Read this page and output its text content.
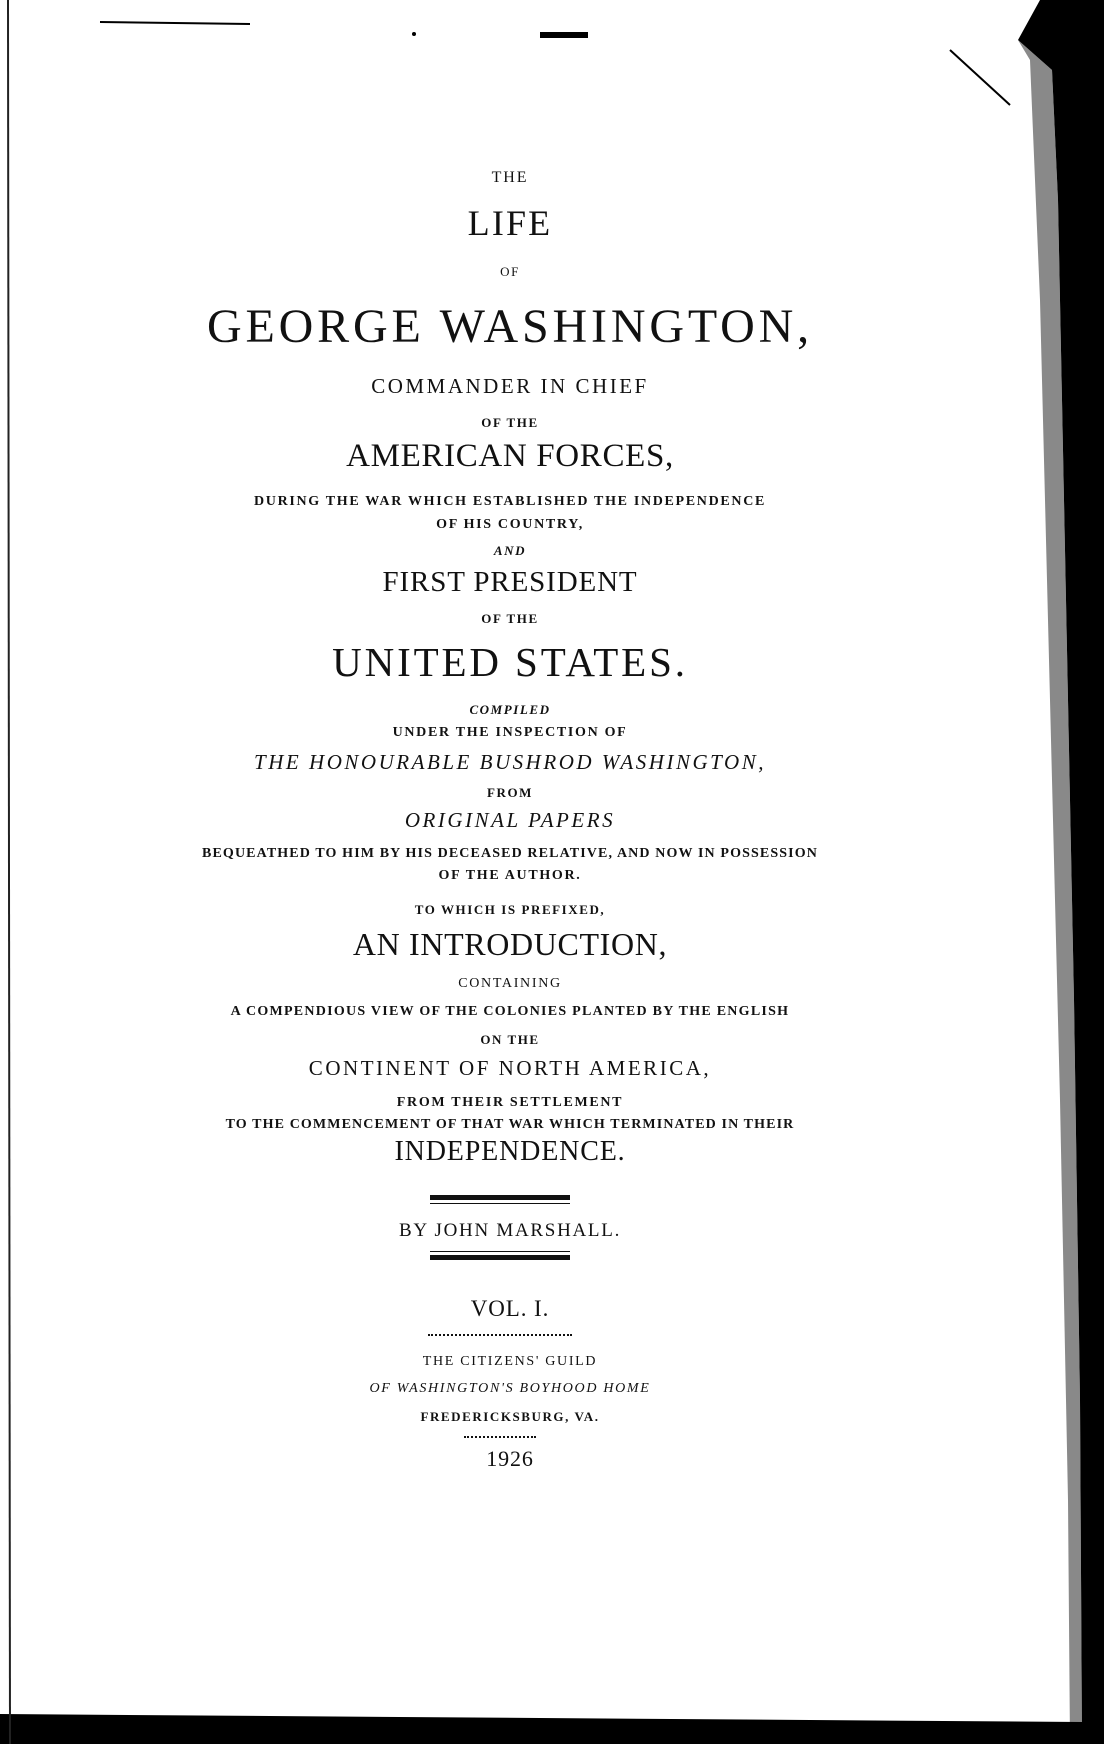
THE
LIFE
OF
GEORGE WASHINGTON,
COMMANDER IN CHIEF
OF THE
AMERICAN FORCES,
DURING THE WAR WHICH ESTABLISHED THE INDEPENDENCE
OF HIS COUNTRY,
AND
FIRST PRESIDENT
OF THE
UNITED STATES.
COMPILED
UNDER THE INSPECTION OF
THE HONOURABLE BUSHROD WASHINGTON,
FROM
ORIGINAL PAPERS
BEQUEATHED TO HIM BY HIS DECEASED RELATIVE, AND NOW IN POSSESSION
OF THE AUTHOR.
TO WHICH IS PREFIXED,
AN INTRODUCTION,
CONTAINING
A COMPENDIOUS VIEW OF THE COLONIES PLANTED BY THE ENGLISH
ON THE
CONTINENT OF NORTH AMERICA,
FROM THEIR SETTLEMENT
TO THE COMMENCEMENT OF THAT WAR WHICH TERMINATED IN THEIR
INDEPENDENCE.
BY JOHN MARSHALL.
VOL. I.
THE CITIZENS' GUILD
OF WASHINGTON'S BOYHOOD HOME
FREDERICKSBURG, VA.
1926
